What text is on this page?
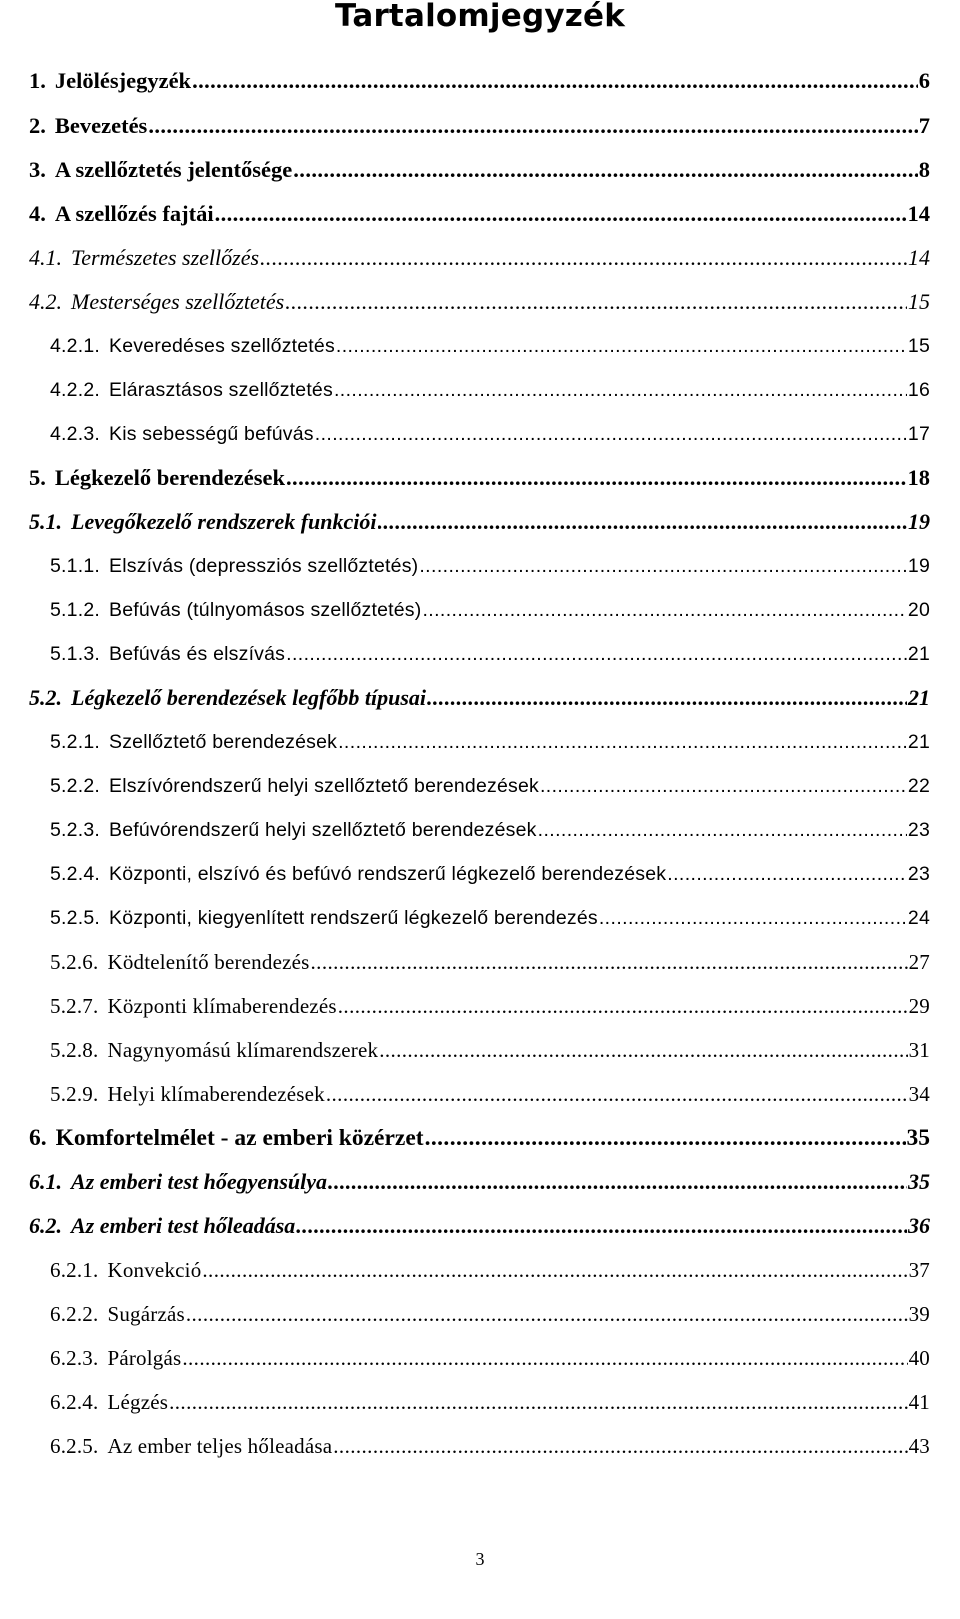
Tartalomjegyzék
1. Jelölésjegyzék .....	6
2. Bevezetés .....	7
3. A szellőztetés jelentősége .....	8
4. A szellőzés fajtái .....	14
4.1. Természetes szellőzés .....	14
4.2. Mesterséges szellőztetés .....	15
4.2.1. Keveredéses szellőztetés .....	15
4.2.2. Elárasztásos szellőztetés .....	16
4.2.3. Kis sebességű befúvás .....	17
5. Légkezelő berendezések .....	18
5.1. Levegőkezelő rendszerek funkciói .....	19
5.1.1. Elszívás (depressziós szellőztetés) .....	19
5.1.2. Befúvás (túlnyomásos szellőztetés) .....	20
5.1.3. Befúvás és elszívás .....	21
5.2. Légkezelő berendezések legfőbb típusai .....	21
5.2.1. Szellőztető berendezések .....	21
5.2.2. Elszívórendszerű helyi szellőztető berendezések .....	22
5.2.3. Befúvórendszerű helyi szellőztető berendezések .....	23
5.2.4. Központi, elszívó és befúvó rendszerű légkezelő berendezések .....	23
5.2.5. Központi, kiegyenlített rendszerű légkezelő berendezés .....	24
5.2.6. Ködtelenítő berendezés .....	27
5.2.7. Központi klímaberendezés .....	29
5.2.8. Nagynyomású klímarendszerek .....	31
5.2.9. Helyi klímaberendezések .....	34
6. Komfortelmélet - az emberi közérzet .....	35
6.1. Az emberi test hőegyensúlya .....	35
6.2. Az emberi test hőleadása .....	36
6.2.1. Konvekció .....	37
6.2.2. Sugárzás .....	39
6.2.3. Párolgás .....	40
6.2.4. Légzés .....	41
6.2.5. Az ember teljes hőleadása .....	43
3
